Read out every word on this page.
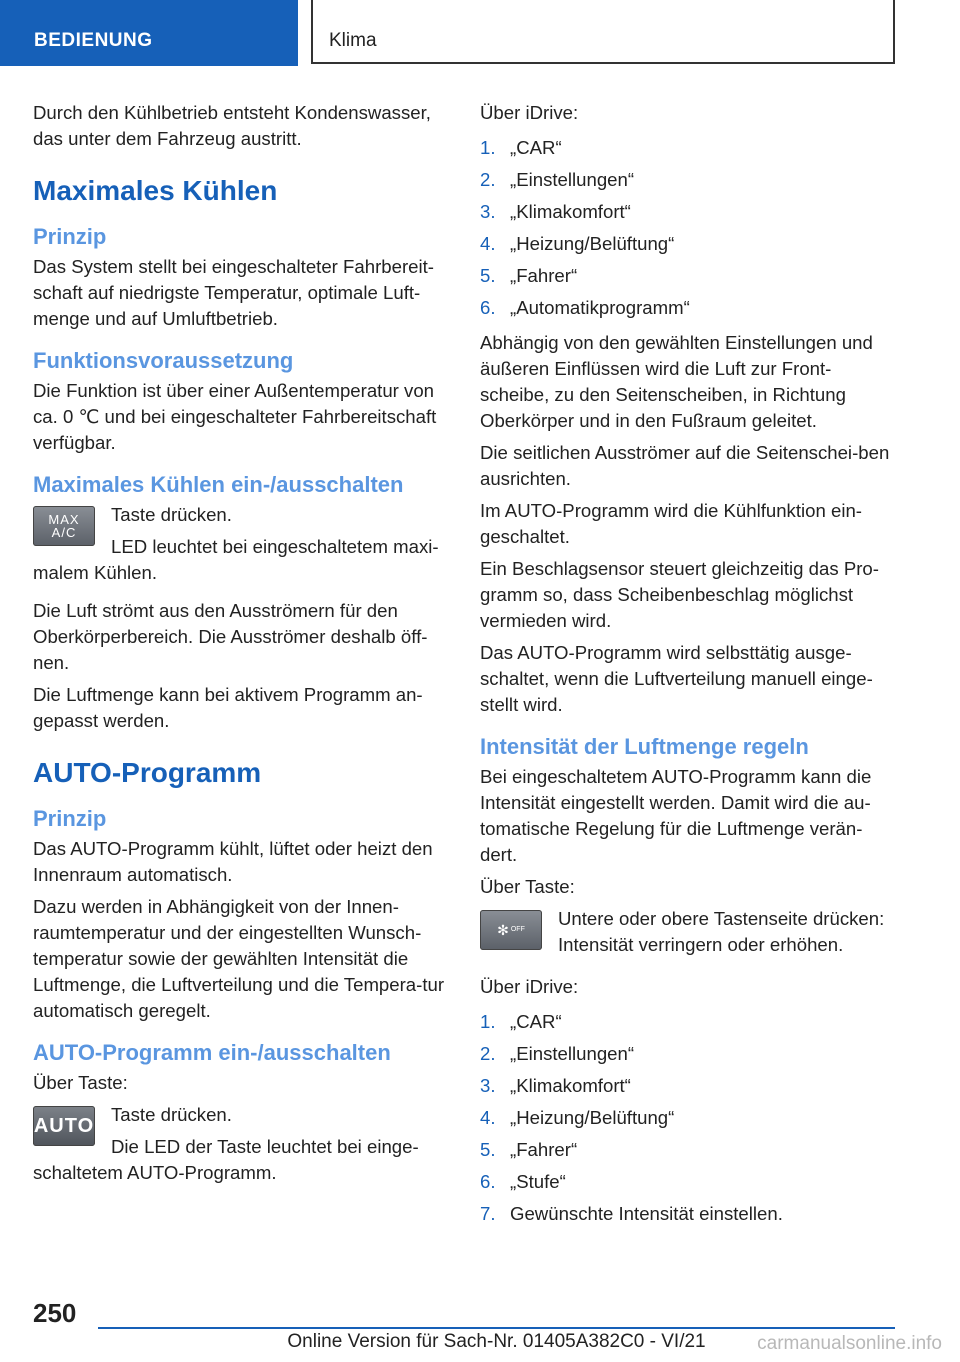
BEDIENUNG	Klima

Durch den Kühlbetrieb entsteht Kondenswasser, das unter dem Fahrzeug austritt.

Maximales Kühlen
Prinzip

Das System stellt bei eingeschalteter Fahrbereit-schaft auf niedrigste Temperatur, optimale Luft-menge und auf Umluftbetrieb.

Funktionsvoraussetzung

Die Funktion ist über einer Außentemperatur von ca. 0 ℃ und bei eingeschalteter Fahrbereitschaft verfügbar.

Maximales Kühlen ein-/ausschalten
MAX
A/C

Taste drücken.

LED leuchtet bei eingeschaltetem maxi-malem Kühlen.

Die Luft strömt aus den Ausströmern für den Oberkörperbereich. Die Ausströmer deshalb öff-nen.

Die Luftmenge kann bei aktivem Programm an-gepasst werden.

AUTO-Programm
Prinzip

Das AUTO-Programm kühlt, lüftet oder heizt den Innenraum automatisch.

Dazu werden in Abhängigkeit von der Innen-raumtemperatur und der eingestellten Wunsch-temperatur sowie der gewählten Intensität die Luftmenge, die Luftverteilung und die Tempera-tur automatisch geregelt.

AUTO-Programm ein-/ausschalten

Über Taste:

AUTO

Taste drücken.

Die LED der Taste leuchtet bei einge-schaltetem AUTO-Programm.

Über iDrive:

1. „CAR“
2. „Einstellungen“
3. „Klimakomfort“
4. „Heizung/Belüftung“
5. „Fahrer“
6. „Automatikprogramm“

Abhängig von den gewählten Einstellungen und äußeren Einflüssen wird die Luft zur Front-scheibe, zu den Seitenscheiben, in Richtung Oberkörper und in den Fußraum geleitet.

Die seitlichen Ausströmer auf die Seitenschei-ben ausrichten.

Im AUTO-Programm wird die Kühlfunktion ein-geschaltet.

Ein Beschlagsensor steuert gleichzeitig das Pro-gramm so, dass Scheibenbeschlag möglichst vermieden wird.

Das AUTO-Programm wird selbsttätig ausge-schaltet, wenn die Luftverteilung manuell einge-stellt wird.

Intensität der Luftmenge regeln

Bei eingeschaltetem AUTO-Programm kann die Intensität eingestellt werden. Damit wird die au-tomatische Regelung für die Luftmenge verän-dert.

Über Taste:

✻ OFF

Untere oder obere Tastenseite drücken: Intensität verringern oder erhöhen.

Über iDrive:

1. „CAR“
2. „Einstellungen“
3. „Klimakomfort“
4. „Heizung/Belüftung“
5. „Fahrer“
6. „Stufe“
7. Gewünschte Intensität einstellen.
250
Online Version für Sach-Nr. 01405A382C0 - VI/21	carmanualsonline.info
